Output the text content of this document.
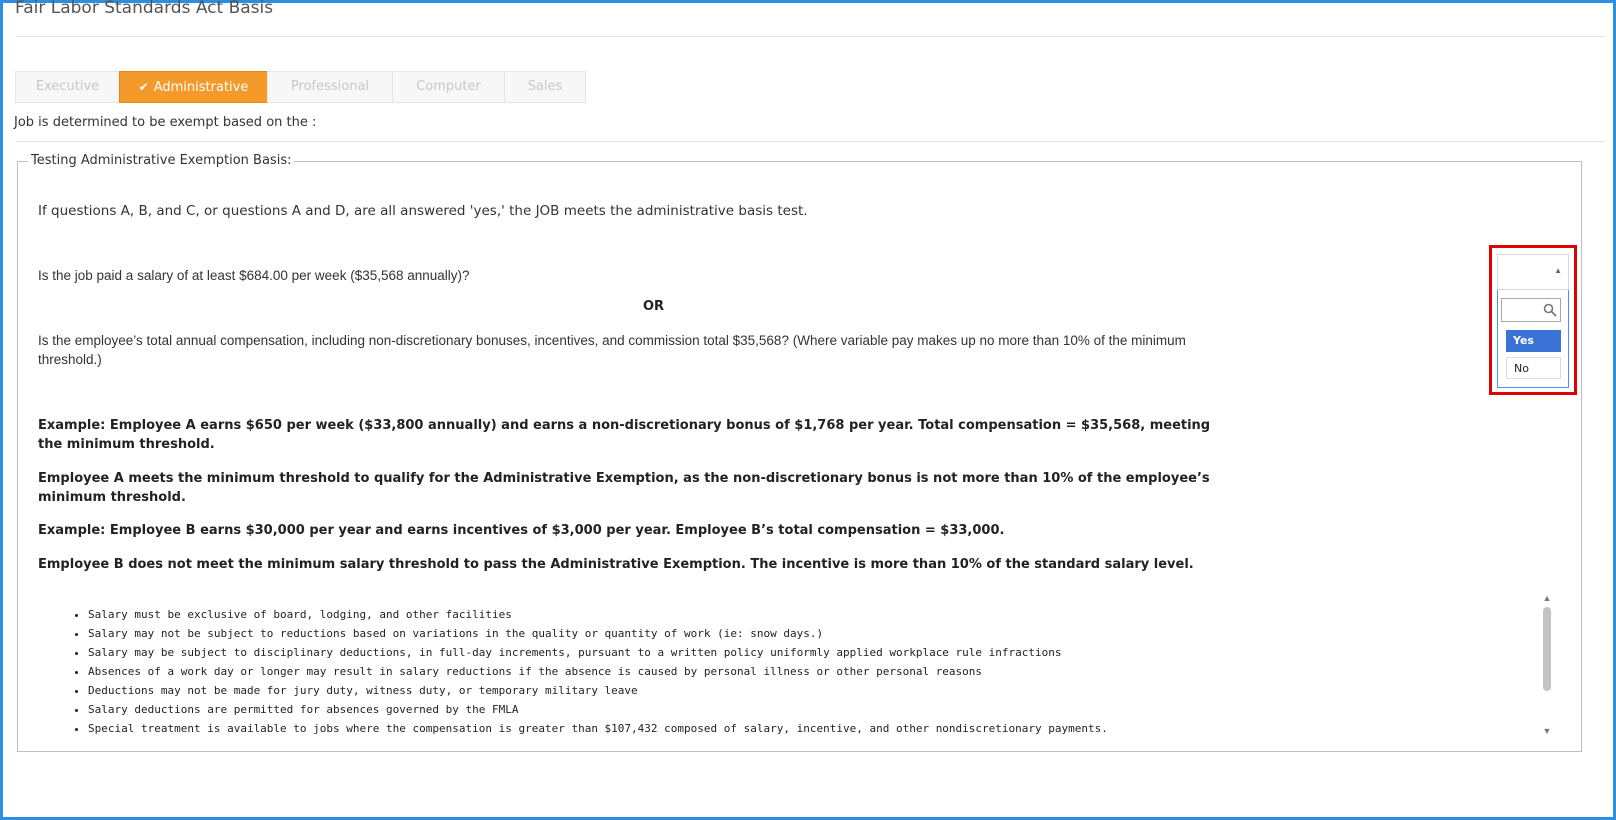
Fair Labor Standards Act Basis
Executive	✔ Administrative	Professional	Computer	Sales
Job is determined to be exempt based on the :
Testing Administrative Exemption Basis:
If questions A, B, and C, or questions A and D, are all answered 'yes,' the JOB meets the administrative basis test.
Is the job paid a salary of at least $684.00 per week ($35,568 annually)?
OR
Is the employee’s total annual compensation, including non-discretionary bonuses, incentives, and commission total $35,568? (Where variable pay makes up no more than 10% of the minimum threshold.)
Example: Employee A earns $650 per week ($33,800 annually) and earns a non-discretionary bonus of $1,768 per year. Total compensation = $35,568, meeting the minimum threshold.
Employee A meets the minimum threshold to qualify for the Administrative Exemption, as the non-discretionary bonus is not more than 10% of the employee’s minimum threshold.
Example: Employee B earns $30,000 per year and earns incentives of $3,000 per year. Employee B’s total compensation = $33,000.
Employee B does not meet the minimum salary threshold to pass the Administrative Exemption. The incentive is more than 10% of the standard salary level.
• Salary must be exclusive of board, lodging, and other facilities
• Salary may not be subject to reductions based on variations in the quality or quantity of work (ie: snow days.)
• Salary may be subject to disciplinary deductions, in full-day increments, pursuant to a written policy uniformly applied workplace rule infractions
• Absences of a work day or longer may result in salary reductions if the absence is caused by personal illness or other personal reasons
• Deductions may not be made for jury duty, witness duty, or temporary military leave
• Salary deductions are permitted for absences governed by the FMLA
• Special treatment is available to jobs where the compensation is greater than $107,432 composed of salary, incentive, and other nondiscretionary payments.
▲
▼
▲
Yes
No
